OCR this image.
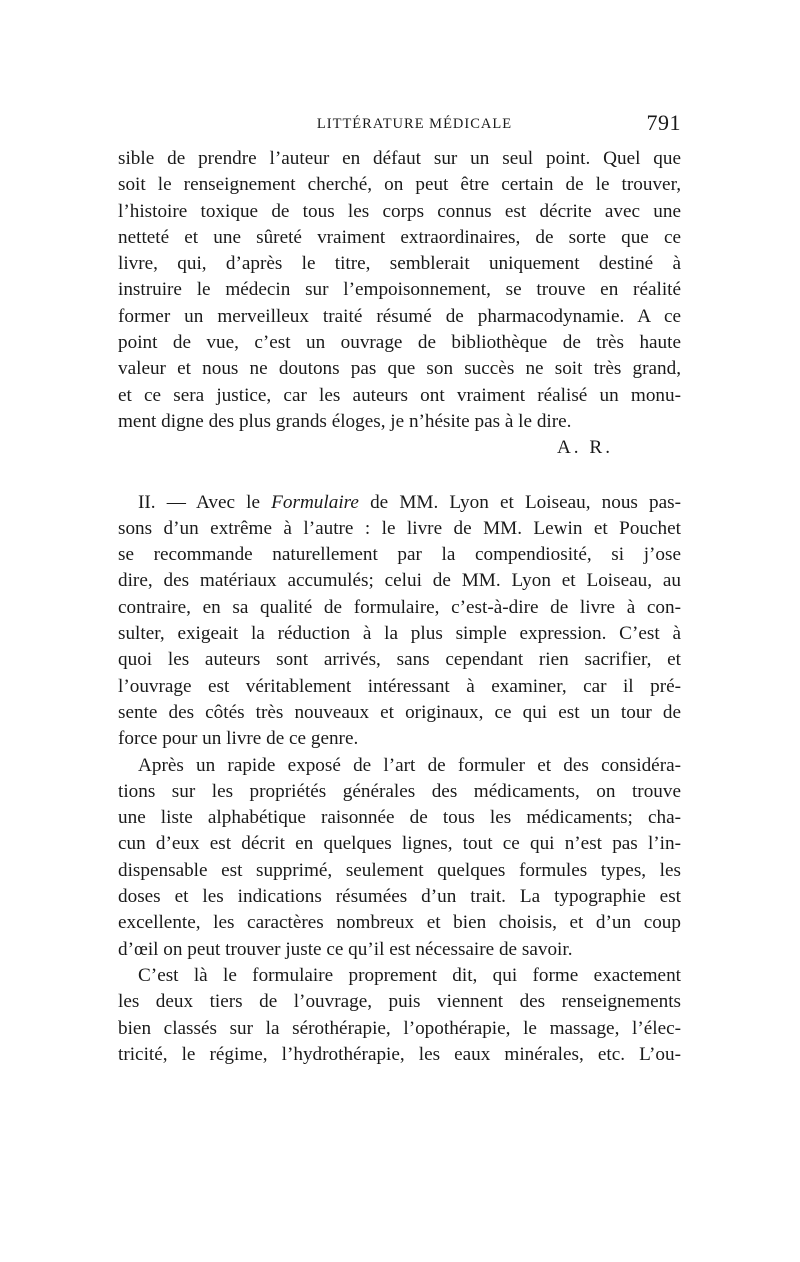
LITTÉRATURE MÉDICALE	791
sible de prendre l’auteur en défaut sur un seul point. Quel que
soit le renseignement cherché, on peut être certain de le trouver,
l’histoire toxique de tous les corps connus est décrite avec une
netteté et une sûreté vraiment extraordinaires, de sorte que ce
livre, qui, d’après le titre, semblerait uniquement destiné à
instruire le médecin sur l’empoisonnement, se trouve en réalité
former un merveilleux traité résumé de pharmacodynamie. A ce
point de vue, c’est un ouvrage de bibliothèque de très haute
valeur et nous ne doutons pas que son succès ne soit très grand,
et ce sera justice, car les auteurs ont vraiment réalisé un monu-
ment digne des plus grands éloges, je n’hésite pas à le dire.
A. R.
II. — Avec le Formulaire de MM. Lyon et Loiseau, nous pas-
sons d’un extrême à l’autre : le livre de MM. Lewin et Pouchet
se recommande naturellement par la compendiosité, si j’ose
dire, des matériaux accumulés; celui de MM. Lyon et Loiseau, au
contraire, en sa qualité de formulaire, c’est-à-dire de livre à con-
sulter, exigeait la réduction à la plus simple expression. C’est à
quoi les auteurs sont arrivés, sans cependant rien sacrifier, et
l’ouvrage est véritablement intéressant à examiner, car il pré-
sente des côtés très nouveaux et originaux, ce qui est un tour de
force pour un livre de ce genre.
Après un rapide exposé de l’art de formuler et des considéra-
tions sur les propriétés générales des médicaments, on trouve
une liste alphabétique raisonnée de tous les médicaments; cha-
cun d’eux est décrit en quelques lignes, tout ce qui n’est pas l’in-
dispensable est supprimé, seulement quelques formules types, les
doses et les indications résumées d’un trait. La typographie est
excellente, les caractères nombreux et bien choisis, et d’un coup
d’œil on peut trouver juste ce qu’il est nécessaire de savoir.
C’est là le formulaire proprement dit, qui forme exactement
les deux tiers de l’ouvrage, puis viennent des renseignements
bien classés sur la sérothérapie, l’opothérapie, le massage, l’élec-
tricité, le régime, l’hydrothérapie, les eaux minérales, etc. L’ou-
